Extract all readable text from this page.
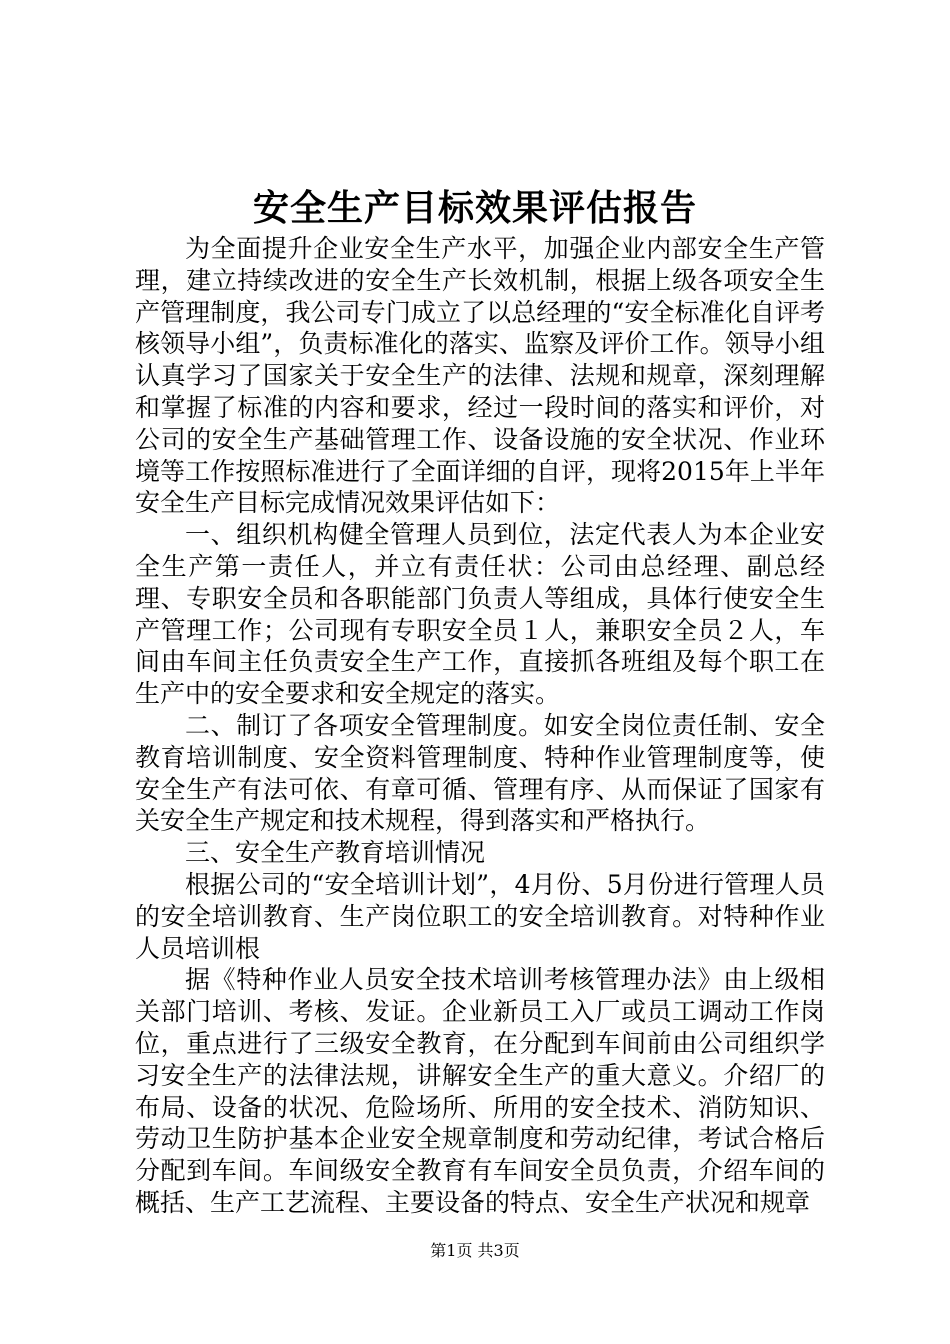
安全生产目标效果评估报告

为全面提升企业安全生产水平，加强企业内部安全生产管理，建立持续改进的安全生产长效机制，根据上级各项安全生产管理制度，我公司专门成立了以总经理的“安全标准化自评考核领导小组”，负责标准化的落实、监察及评价工作。领导小组认真学习了国家关于安全生产的法律、法规和规章，深刻理解和掌握了标准的内容和要求，经过一段时间的落实和评价，对公司的安全生产基础管理工作、设备设施的安全状况、作业环境等工作按照标准进行了全面详细的自评，现将2015年上半年安全生产目标完成情况效果评估如下：

一、组织机构健全管理人员到位，法定代表人为本企业安全生产第一责任人，并立有责任状：公司由总经理、副总经理、专职安全员和各职能部门负责人等组成，具体行使安全生产管理工作；公司现有专职安全员１人，兼职安全员２人，车间由车间主任负责安全生产工作，直接抓各班组及每个职工在生产中的安全要求和安全规定的落实。

二、制订了各项安全管理制度。如安全岗位责任制、安全教育培训制度、安全资料管理制度、特种作业管理制度等，使安全生产有法可依、有章可循、管理有序、从而保证了国家有关安全生产规定和技术规程，得到落实和严格执行。

三、安全生产教育培训情况

根据公司的“安全培训计划”，4月份、5月份进行管理人员的安全培训教育、生产岗位职工的安全培训教育。对特种作业人员培训根

据《特种作业人员安全技术培训考核管理办法》由上级相关部门培训、考核、发证。企业新员工入厂或员工调动工作岗位，重点进行了三级安全教育，在分配到车间前由公司组织学习安全生产的法律法规，讲解安全生产的重大意义。介绍厂的布局、设备的状况、危险场所、所用的安全技术、消防知识、劳动卫生防护基本企业安全规章制度和劳动纪律，考试合格后分配到车间。车间级安全教育有车间安全员负责，介绍车间的概括、生产工艺流程、主要设备的特点、安全生产状况和规章

第1页 共3页
